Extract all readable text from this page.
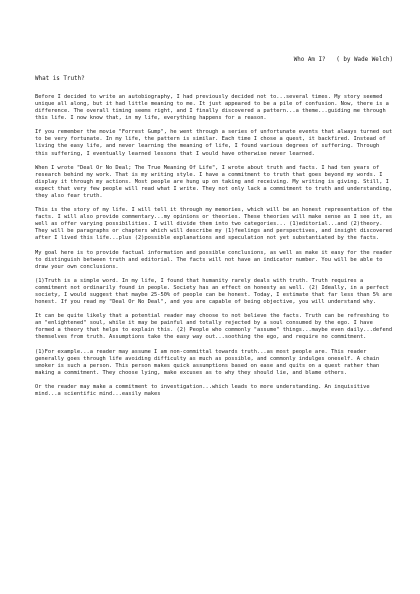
Who Am I?   ( by Wade Welch)
What is Truth?
Before I decided to write an autobiography, I had previously decided not to...several times. My story seemed unique all along, but it had little meaning to me. It just appeared to be a pile of confusion. Now, there is a difference. The overall timing seems right, and I finally discovered a pattern...a theme...guiding me through this life. I now know that, in my life, everything happens for a reason.
If you remember the movie "Forrest Gump", he went through a series of unfortunate events that always turned out to be very fortunate. In my life, the pattern is similar. Each time I chose a quest, it backfired. Instead of living the easy life, and never learning the meaning of life, I found various degrees of suffering. Through this suffering, I eventually learned lessons that I would have otherwise never learned.
When I wrote "Deal Or No Deal; The True Meaning Of Life", I wrote about truth and facts. I had ten years of research behind my work. That is my writing style. I have a commitment to truth that goes beyond my words. I display it through my actions. Most people are hung up on taking and receiving. My writing is giving. Still, I expect that very few people will read what I write. They not only lack a commitment to truth and understanding, they also fear truth.
This is the story of my life. I will tell it through my memories, which will be an honest representation of the facts. I will also provide commentary...my opinions or theories. These theories will make sense as I see it, as well as offer varying possibilities. I will divide them into two categories... (1)editorial...and (2)theory. They will be paragraphs or chapters which will describe my (1)feelings and perspectives, and insight discovered after I lived this life...plus (2)possible explanations and speculation not yet substantiated by the facts.
My goal here is to provide factual information and possible conclusions, as well as make it easy for the reader to distinguish between truth and editorial. The facts will not have an indicator number. You will be able to draw your own conclusions.
(1)Truth is a simple word. In my life, I found that humanity rarely deals with truth. Truth requires a commitment not ordinarily found in people. Society has an effect on honesty as well. (2) Ideally, in a perfect society, I would suggest that maybe 25-50% of people can be honest. Today, I estimate that far less than 5% are honest. If you read my "Deal Or No Deal", and you are capable of being objective, you will understand why.
It can be quite likely that a potential reader may choose to not believe the facts. Truth can be refreshing to an "enlightened" soul, while it may be painful and totally rejected by a soul consumed by the ego. I have formed a theory that helps to explain this. (2) People who commonly "assume" things...maybe even daily...defend themselves from truth. Assumptions take the easy way out...soothing the ego, and require no commitment.
(1)For example...a reader may assume I am non-committal towards truth...as most people are. This reader generally goes through life avoiding difficulty as much as possible, and commonly indulges oneself. A chain smoker is such a person. This person makes quick assumptions based on ease and quits on a quest rather than making a commitment. They choose lying, make excuses as to why they should lie, and blame others.
Or the reader may make a commitment to investigation...which leads to more understanding. An inquisitive mind...a scientific mind...easily makes
